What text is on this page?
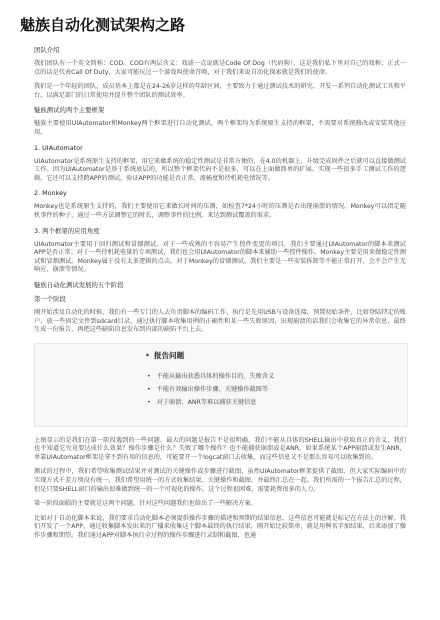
魅族自动化测试架构之路
团队介绍
我们团队有一个英文简称：COD。COD有两层含义：戏谑一点说就是Code Of Dog（代码狗），这是我们私下里对自己的戏称；正式一点的话是代表Call Of Duty，大家可能玩过一个游戏叫使命召唤，对于我们来说自动化探索就是我们的使命。
我们是一个年轻的团队，成员基本上都是在24-26岁这样的年龄区间，主要致力于通过测试技术的研究、开发一系列自动化测试工具和平台，以满足部门的日常使用并提升整个团队的测试效率。
魅族测试的两个主要框架
魅族主要使用UIAutomator和Monkey两个框架进行自动化测试，两个框架均为系统原生支持的框架，不需要对系统修改或安装其他应用。
1. UIAutomator
UIAutomator是系统原生支持的框架，用它来做系统的稳定性测试是非常方便的，在4.0的机器上，升级完成固件之后就可以直接做测试工作。因为UIAutomator是基于系统底层的，所以整个框架代码不是很多，可以在上面做简单的扩展。实现一些很多手工测试工作的逻辑。它还可以支持跨APP的测试，验证APP的功能是否正常、流畅度和待机耗电情况等。
2. Monkey
Monkey也是系统原生支持的，我们主要使用它来做长时间的压测，如检查7*24小时的压测是否出现崩溃的情况。Monkey可以指定随机事件的种子，通过一些方法调整它的时长，调整事件的比例，来达到测试覆盖的需求。
3. 两个框架的应用角度
UIAutomator主要用于回归测试和冒烟测试。对于一些成熟的不容易产生控件变更的项目，我们主要通过UIAutomator的脚本来测试APP是否正常；对于一些待机耗电量的专项测试，我们也会用UIAutomator的脚本来辅助一些控件操作。Monkey主要是用来做稳定性测试和冒烟测试。Monkey属于没有太多逻辑的点击，对于Monkey的冒烟测试，我们主要是一些安装拆卸等不能正常打开、会不会产生无响应、崩溃等情况。
魅族自动化测试发展的五个阶段
第一个阶段
刚开始涉及自动化的时候，我们有一些专门的人去负责脚本的编码工作，执行是先用USB与设备连接，预置初始条件，比如登陆特定的账户，放一些固定文件到sdcard目录，通过执行脚本收集用例的正确性和某一些失败原因，出现崩溃的话我们会收集它的异常信息，最终生成一份报告，再把这些缺陷信息发布到内部的缺陷平台上去。
• 报告问题
• 不能从输出获悉具体的操作目的，失败含义
• 不能有效输出操作步骤、关键操作截图等
• 对于崩溃、ANR等难以捕获关键信息
上图显示的是我们在第一阶段遇到的一些问题。最大的问题是报告不是很明确，我们不能从具体的SHELL输出中获取真正的含义，我们也不知道它究竟要达成什么效果？操作步骤是什么？失败了哪个操作？也不能捕获崩溃或是ANR。如果系统某个APP崩溃或发生ANR，单靠UIAutomator框架是拿不到有用的信息的，可能要开一个logcat窗口去收集，而这些信息又不是那么容易可以收集到的。
测试的过程中，我们希望收集测试结果并对测试的关键操作或步骤进行截图，虽然UIAutomator框架提供了截图，但大家实际编码中的实现方式千差万别没有统一，我们希望用统一的方式收集结果、关键操作和截图，并最终汇总在一起。我们所需的一个报告汇总的过程，但是只要SHELL窗口的输出很难做到统一的一个可视化的操作，这个过程很困难，需要耗费很多的人力。
第一阶段面临的主要就是这两个问题，针对这些问题我们也给出了一些解决方案。
比如对于自动化脚本来说，我们要求自动化脚本必须提供操作步骤的描述和预期的结果信息，这些信息可能就是标记在方法上的注解。我们开发了一个APP，通过收集脚本发出来的广播来收集这个脚本最终的执行结果，刚开始比较简单，就是用例名字加结果，后来添加了操作步骤和期望。我们通过APP对脚本执行全过程的操作步骤进行录制和截图，也通
